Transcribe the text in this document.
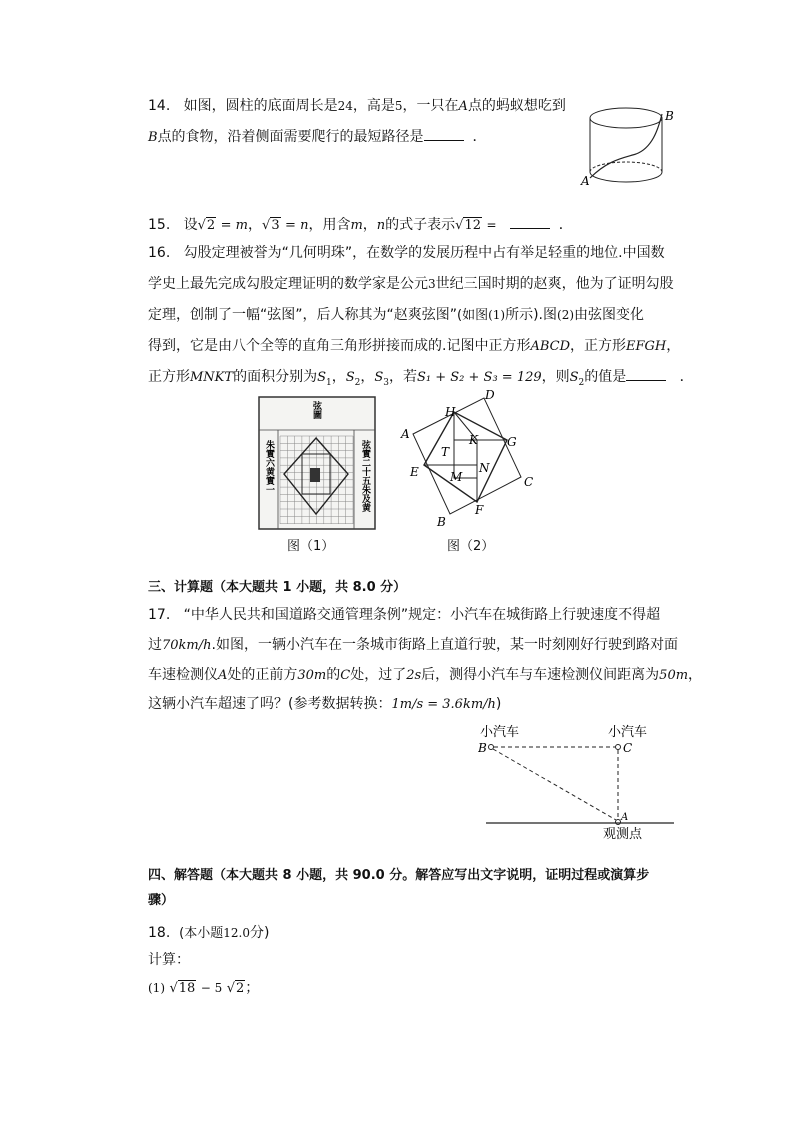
14. 如图，圆柱的底面周长是24，高是5，一只在A点的蚂蚁想吃到
B点的食物，沿着侧面需要爬行的最短路径是	．
A
B
15. 设√2 = m，√3 = n，用含m，n的式子表示√12 =	．
16. 勾股定理被誉为“几何明珠”，在数学的发展历程中占有举足轻重的地位.中国数
学史上最先完成勾股定理证明的数学家是公元3世纪三国时期的赵爽，他为了证明勾股
定理，创制了一幅“弦图”，后人称其为“赵爽弦图”(如图(1)所示).图(2)由弦图变化
得到，它是由八个全等的直角三角形拼接而成的.记图中正方形ABCD，正方形EFGH，
正方形MNKT的面积分别为$S_1$，$S_2$，$S_3$，若S₁ + S₂ + S₃ = 129，则$S_2$的值是	．
弦圖
朱實六黄實一	弦實二十五朱及黄
图（1）
A
D
C
B
H
G
E
F
T
K
M
N
图（2）
三、计算题（本大题共 1 小题，共 8.0 分）
17. “中华人民共和国道路交通管理条例”规定：小汽车在城街路上行驶速度不得超
过70km/h.如图，一辆小汽车在一条城市街路上直道行驶，某一时刻刚好行驶到路对面
车速检测仪A处的正前方30m的C处，过了2s后，测得小汽车与车速检测仪间距离为50m，
这辆小汽车超速了吗？(参考数据转换：1m/s = 3.6km/h)
小汽车	小汽车
B	C
A
观测点
四、解答题（本大题共 8 小题，共 90.0 分。解答应写出文字说明，证明过程或演算步
骤）
18. (本小题12.0分)
计算：
(1) √18 − 5 √2；
